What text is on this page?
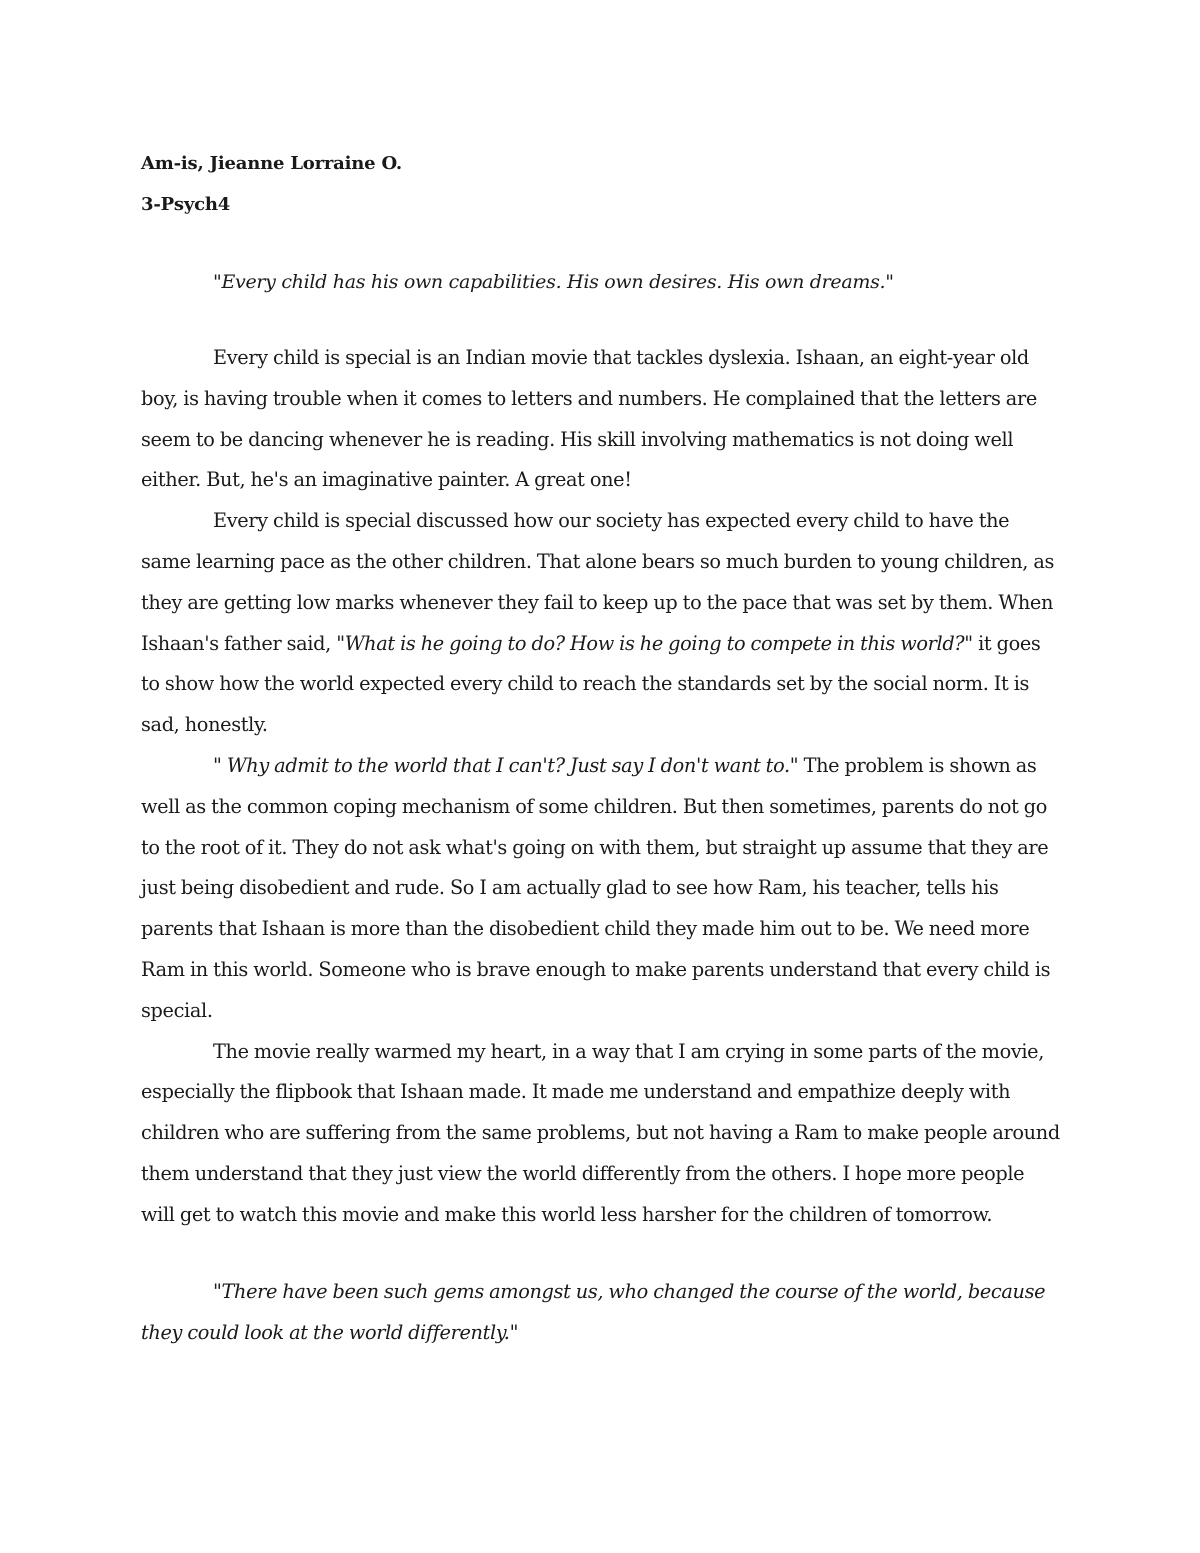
Am-is, Jieanne Lorraine O.

3-Psych4

"Every child has his own capabilities. His own desires. His own dreams."

Every child is special is an Indian movie that tackles dyslexia. Ishaan, an eight-year old boy, is having trouble when it comes to letters and numbers. He complained that the letters are seem to be dancing whenever he is reading. His skill involving mathematics is not doing well either. But, he's an imaginative painter. A great one!

Every child is special discussed how our society has expected every child to have the same learning pace as the other children. That alone bears so much burden to young children, as they are getting low marks whenever they fail to keep up to the pace that was set by them. When Ishaan's father said, "What is he going to do? How is he going to compete in this world?" it goes to show how the world expected every child to reach the standards set by the social norm. It is sad, honestly.

" Why admit to the world that I can't? Just say I don't want to." The problem is shown as well as the common coping mechanism of some children. But then sometimes, parents do not go to the root of it. They do not ask what's going on with them, but straight up assume that they are just being disobedient and rude. So I am actually glad to see how Ram, his teacher, tells his parents that Ishaan is more than the disobedient child they made him out to be. We need more Ram in this world. Someone who is brave enough to make parents understand that every child is special.

The movie really warmed my heart, in a way that I am crying in some parts of the movie, especially the flipbook that Ishaan made. It made me understand and empathize deeply with children who are suffering from the same problems, but not having a Ram to make people around them understand that they just view the world differently from the others. I hope more people will get to watch this movie and make this world less harsher for the children of tomorrow.

"There have been such gems amongst us, who changed the course of the world, because they could look at the world differently."
